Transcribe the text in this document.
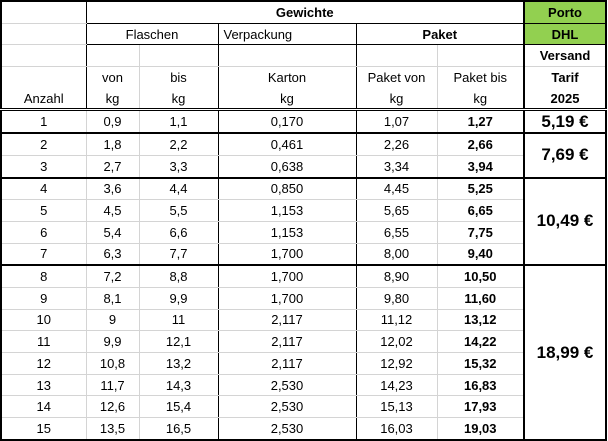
	Gewichte					Porto
	Flaschen		Verpackung	Paket		DHL
						Versand
	von	bis	Karton	Paket von	Paket bis	Tarif
Anzahl	kg	kg	kg	kg	kg	2025
1	0,9	1,1	0,170	1,07	1,27	5,19 €
2	1,8	2,2	0,461	2,26	2,66	7,69 €
3	2,7	3,3	0,638	3,34	3,94	
4	3,6	4,4	0,850	4,45	5,25	10,49 €
5	4,5	5,5	1,153	5,65	6,65	
6	5,4	6,6	1,153	6,55	7,75	
7	6,3	7,7	1,700	8,00	9,40	
8	7,2	8,8	1,700	8,90	10,50	18,99 €
9	8,1	9,9	1,700	9,80	11,60	
10	9	11	2,117	11,12	13,12	
11	9,9	12,1	2,117	12,02	14,22	
12	10,8	13,2	2,117	12,92	15,32	
13	11,7	14,3	2,530	14,23	16,83	
14	12,6	15,4	2,530	15,13	17,93	
15	13,5	16,5	2,530	16,03	19,03	
